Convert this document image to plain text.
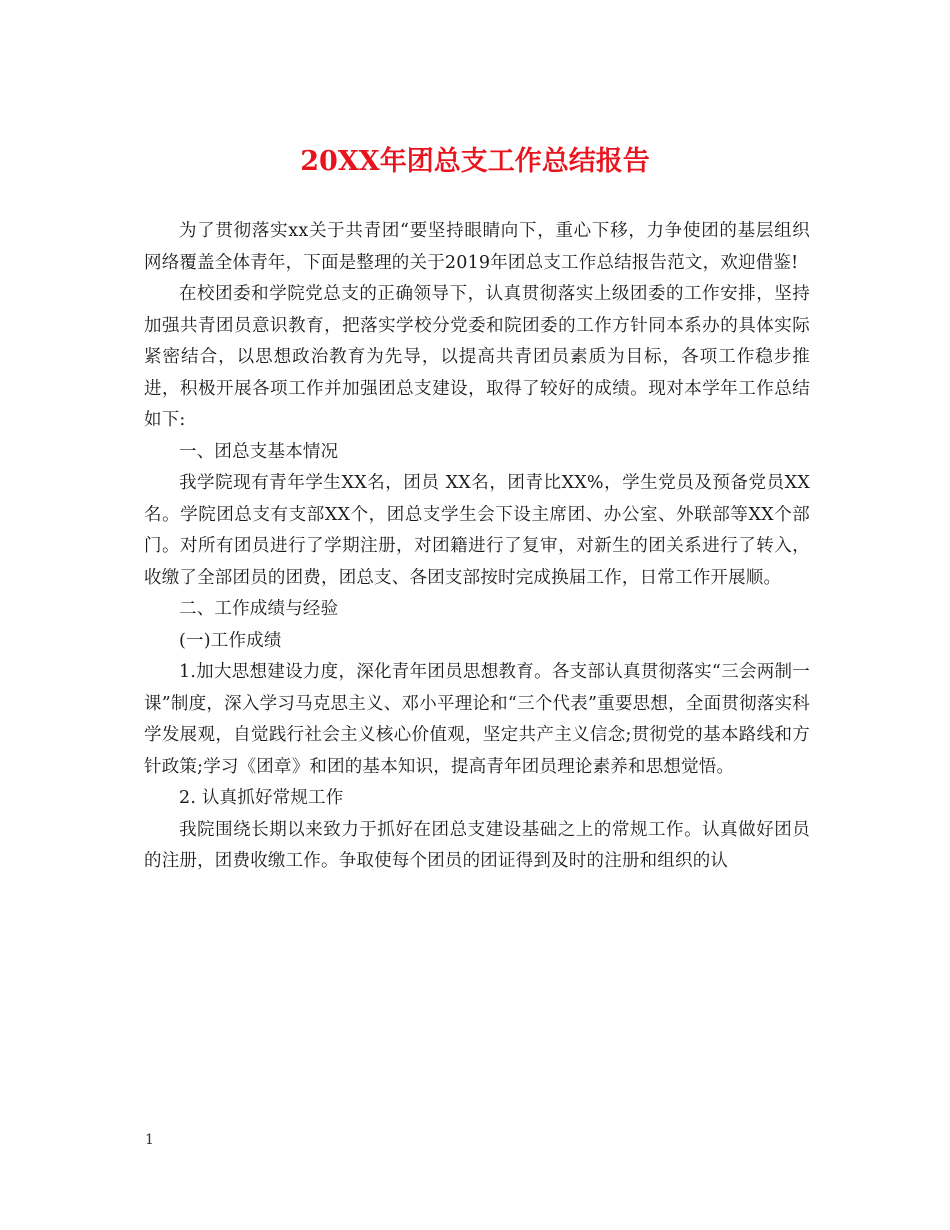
20XX年团总支工作总结报告

为了贯彻落实xx关于共青团“要坚持眼睛向下，重心下移，力争使团的基层组织网络覆盖全体青年，下面是整理的关于2019年团总支工作总结报告范文，欢迎借鉴!

在校团委和学院党总支的正确领导下，认真贯彻落实上级团委的工作安排，坚持加强共青团员意识教育，把落实学校分党委和院团委的工作方针同本系办的具体实际紧密结合，以思想政治教育为先导，以提高共青团员素质为目标，各项工作稳步推进，积极开展各项工作并加强团总支建设，取得了较好的成绩。现对本学年工作总结如下:

一、团总支基本情况

我学院现有青年学生XX名，团员 XX名，团青比XX%，学生党员及预备党员XX名。学院团总支有支部XX个，团总支学生会下设主席团、办公室、外联部等XX个部门。对所有团员进行了学期注册，对团籍进行了复审，对新生的团关系进行了转入，收缴了全部团员的团费，团总支、各团支部按时完成换届工作，日常工作开展顺。

二、工作成绩与经验

(一)工作成绩

1.加大思想建设力度，深化青年团员思想教育。各支部认真贯彻落实“三会两制一课”制度，深入学习马克思主义、邓小平理论和“三个代表”重要思想，全面贯彻落实科学发展观，自觉践行社会主义核心价值观，坚定共产主义信念;贯彻党的基本路线和方针政策;学习《团章》和团的基本知识，提高青年团员理论素养和思想觉悟。

2. 认真抓好常规工作

我院围绕长期以来致力于抓好在团总支建设基础之上的常规工作。认真做好团员的注册，团费收缴工作。争取使每个团员的团证得到及时的注册和组织的认

1
